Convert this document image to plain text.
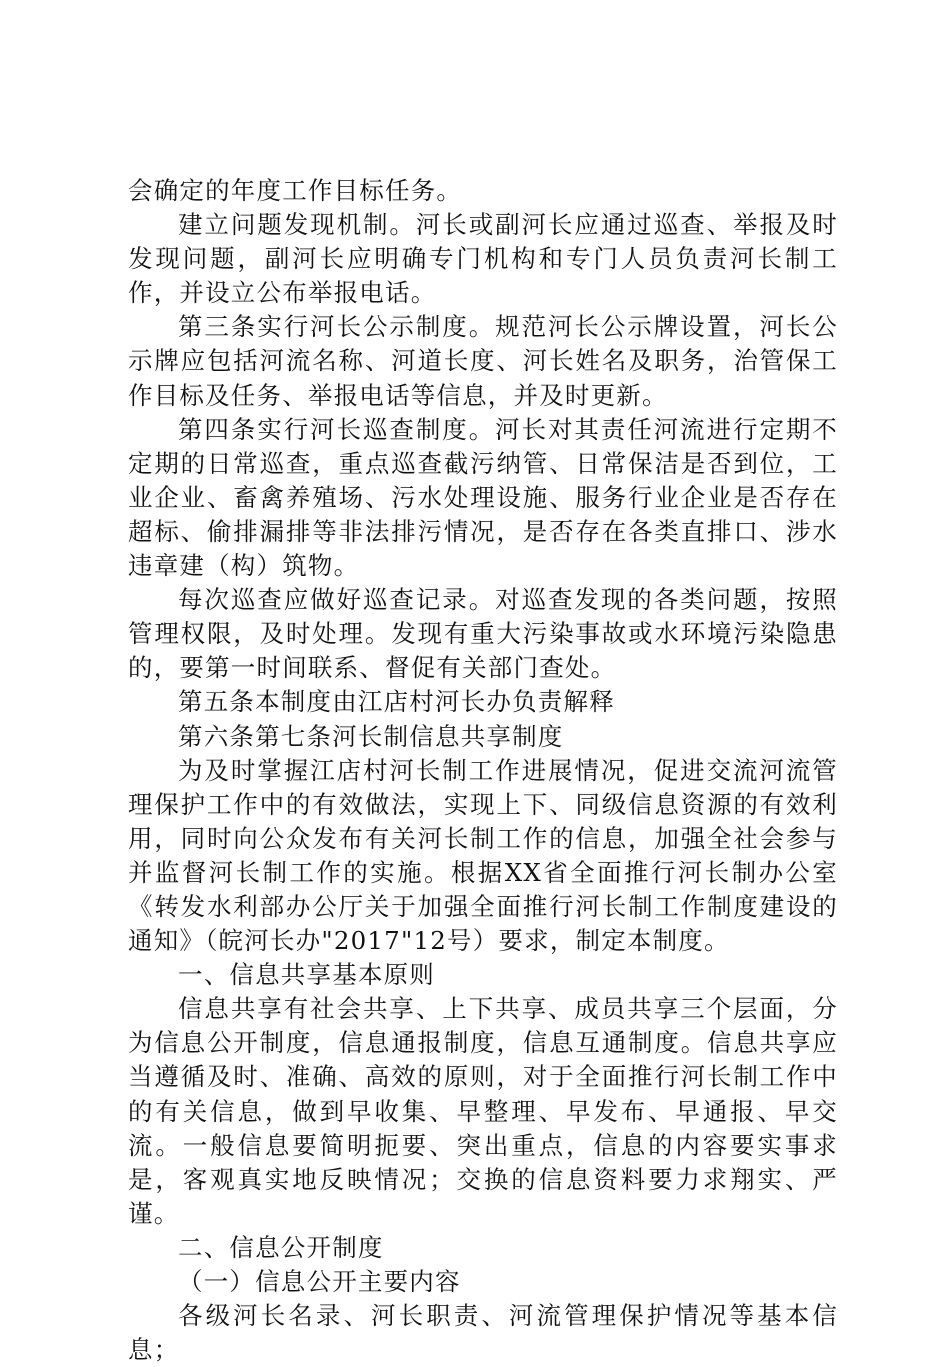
会确定的年度工作目标任务。

建立问题发现机制。河长或副河长应通过巡查、举报及时发现问题，副河长应明确专门机构和专门人员负责河长制工作，并设立公布举报电话。

第三条实行河长公示制度。规范河长公示牌设置，河长公示牌应包括河流名称、河道长度、河长姓名及职务，治管保工作目标及任务、举报电话等信息，并及时更新。

第四条实行河长巡查制度。河长对其责任河流进行定期不定期的日常巡查，重点巡查截污纳管、日常保洁是否到位，工业企业、畜禽养殖场、污水处理设施、服务行业企业是否存在超标、偷排漏排等非法排污情况，是否存在各类直排口、涉水违章建（构）筑物。

每次巡查应做好巡查记录。对巡查发现的各类问题，按照管理权限，及时处理。发现有重大污染事故或水环境污染隐患的，要第一时间联系、督促有关部门查处。

第五条本制度由江店村河长办负责解释

第六条第七条河长制信息共享制度

为及时掌握江店村河长制工作进展情况，促进交流河流管理保护工作中的有效做法，实现上下、同级信息资源的有效利用，同时向公众发布有关河长制工作的信息，加强全社会参与并监督河长制工作的实施。根据XX省全面推行河长制办公室《转发水利部办公厅关于加强全面推行河长制工作制度建设的通知》（皖河长办"2017"12号）要求，制定本制度。

一、信息共享基本原则

信息共享有社会共享、上下共享、成员共享三个层面，分为信息公开制度，信息通报制度，信息互通制度。信息共享应当遵循及时、准确、高效的原则，对于全面推行河长制工作中的有关信息，做到早收集、早整理、早发布、早通报、早交流。一般信息要简明扼要、突出重点，信息的内容要实事求是，客观真实地反映情况；交换的信息资料要力求翔实、严谨。

二、信息公开制度

（一）信息公开主要内容

各级河长名录、河长职责、河流管理保护情况等基本信息；
